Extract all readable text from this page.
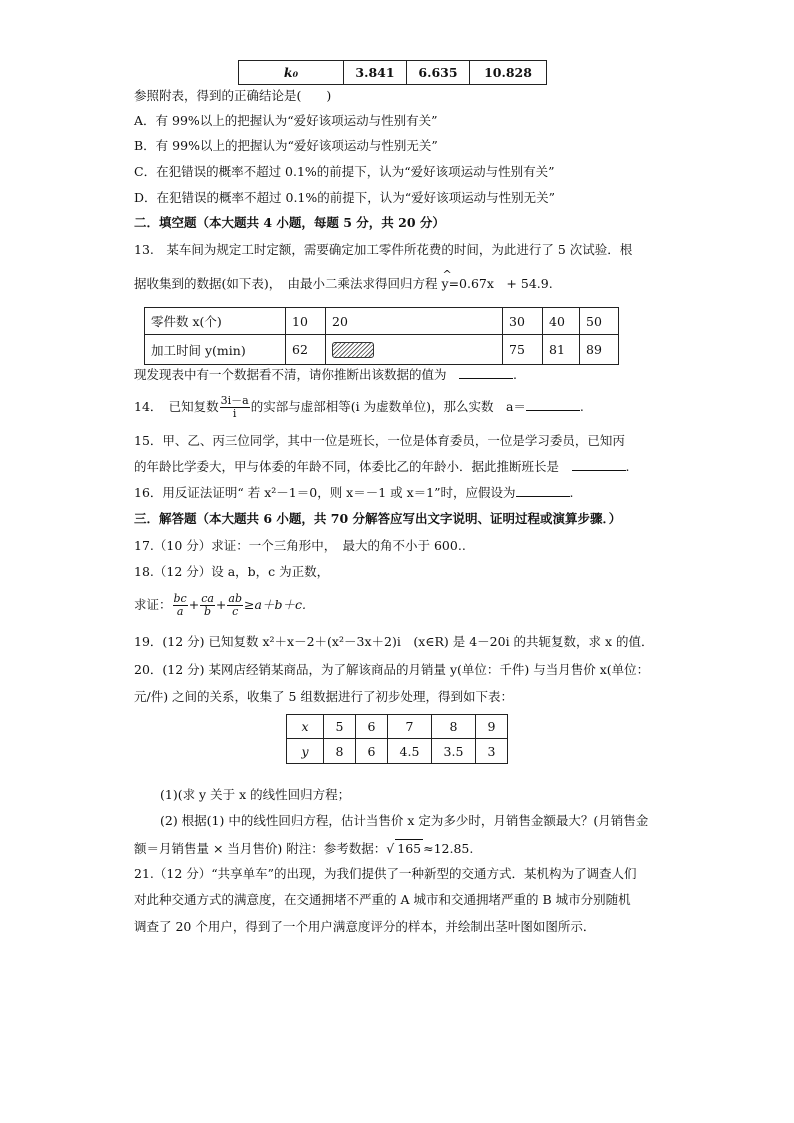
k₀	3.841	6.635	10.828
参照附表，得到的正确结论是(　　)
A．有 99%以上的把握认为“爱好该项运动与性别有关”
B．有 99%以上的把握认为“爱好该项运动与性别无关”
C．在犯错误的概率不超过 0.1%的前提下，认为“爱好该项运动与性别有关”
D．在犯错误的概率不超过 0.1%的前提下，认为“爱好该项运动与性别无关”
二．填空题（本大题共 4 小题，每题 5 分，共 20 分）
13.　某车间为规定工时定额，需要确定加工零件所花费的时间，为此进行了 5 次试验．根
据收集到的数据(如下表)，　由最小二乘法求得回归方程
^
y=0.67x　+ 54.9.
零件数 x(个)	10	20	30	40	50
加工时间 y(min)	62		75	81	89
现发现表中有一个数据看不清，请你推断出该数据的值为　	.
14．　已知复数 $\frac{3i-a}{i}$ 的实部与虚部相等(i 为虚数单位)，那么实数　a＝	.
15．甲、乙、丙三位同学，其中一位是班长，一位是体育委员，一位是学习委员，已知丙
的年龄比学委大，甲与体委的年龄不同，体委比乙的年龄小．据此推断班长是　	.
16．用反证法证明“ 若 x²－1＝0，则 x＝－1 或 x＝1”时，应假设为	.
三．解答题（本大题共 6 小题，共 70 分解答应写出文字说明、证明过程或演算步骤．）
17.（10 分）求证：一个三角形中，　最大的角不小于 600..
18.（12 分）设 a，b，c 为正数，
求证： $\frac{bc}{a} + \frac{ca}{b} + \frac{ab}{c} \ge a+b+c$.
19．(12 分) 已知复数 x²＋x－2＋(x²－3x＋2)i　(x∈R) 是 4－20i 的共轭复数，求 x 的值．
20．(12 分) 某网店经销某商品，为了解该商品的月销量 y(单位：千件) 与当月售价 x(单位：
元/件) 之间的关系，收集了 5 组数据进行了初步处理，得到如下表：
x	5	6	7	8	9
y	8	6	4.5	3.5	3
(1)(求 y 关于 x 的线性回归方程；
(2) 根据(1) 中的线性回归方程，估计当售价 x 定为多少时，月销售金额最大？(月销售金
额＝月销售量 × 当月售价) 附注：参考数据：√ 165 ≈12.85.
21.（12 分）“共享单车”的出现，为我们提供了一种新型的交通方式．某机构为了调查人们
对此种交通方式的满意度，在交通拥堵不严重的 A 城市和交通拥堵严重的 B 城市分别随机
调查了 20 个用户，得到了一个用户满意度评分的样本，并绘制出茎叶图如图所示．
